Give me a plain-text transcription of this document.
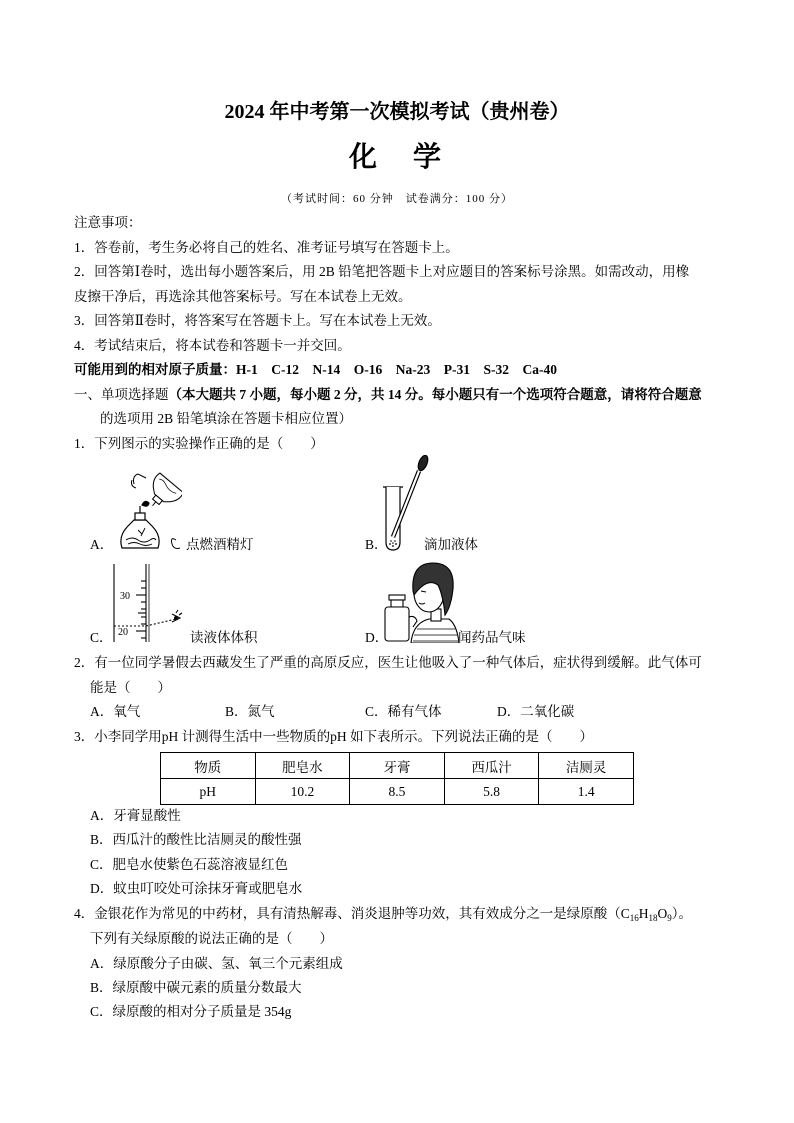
2024 年中考第一次模拟考试（贵州卷）
化　学
（考试时间：60 分钟　试卷满分：100 分）
注意事项：
1．答卷前，考生务必将自己的姓名、准考证号填写在答题卡上。
2．回答第Ⅰ卷时，选出每小题答案后，用 2B 铅笔把答题卡上对应题目的答案标号涂黑。如需改动，用橡
皮擦干净后，再选涂其他答案标号。写在本试卷上无效。
3．回答第Ⅱ卷时，将答案写在答题卡上。写在本试卷上无效。
4．考试结束后，将本试卷和答题卡一并交回。
可能用到的相对原子质量：H-1　C-12　N-14　O-16　Na-23　P-31　S-32　Ca-40
一、单项选择题（本大题共 7 小题，每小题 2 分，共 14 分。每小题只有一个选项符合题意，请将符合题意
的选项用 2B 铅笔填涂在答题卡相应位置）
1．下列图示的实验操作正确的是（　　）
A．	点燃酒精灯	B．	滴加液体
30
20
C．	读液体体积	D．	闻药品气味
2．有一位同学暑假去西藏发生了严重的高原反应，医生让他吸入了一种气体后，症状得到缓解。此气体可
能是（　　）
A．氧气	B．氮气	C．稀有气体	D．二氧化碳
3．小李同学用pH 计测得生活中一些物质的pH 如下表所示。下列说法正确的是（　　）
物质	肥皂水	牙膏	西瓜汁	洁厕灵
pH	10.2	8.5	5.8	1.4
A．牙膏显酸性
B．西瓜汁的酸性比洁厕灵的酸性强
C．肥皂水使紫色石蕊溶液显红色
D．蚊虫叮咬处可涂抹牙膏或肥皂水
4．金银花作为常见的中药材，具有清热解毒、消炎退肿等功效，其有效成分之一是绿原酸$(C_{16}H_{18}O_9)$。
下列有关绿原酸的说法正确的是（　　）
A．绿原酸分子由碳、氢、氧三个元素组成
B．绿原酸中碳元素的质量分数最大
C．绿原酸的相对分子质量是 354g
